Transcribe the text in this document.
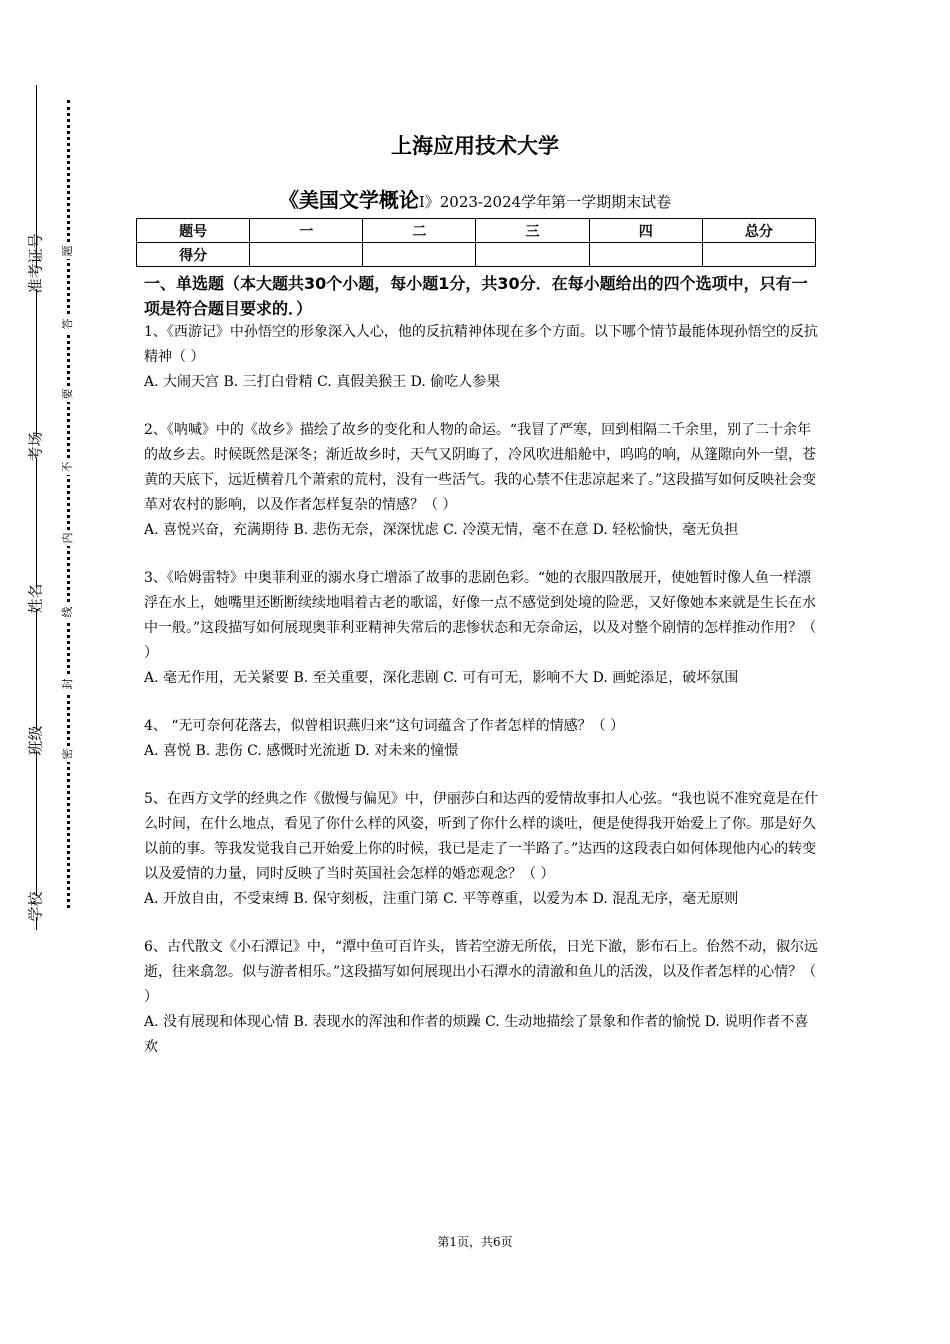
准考证号
考场
姓名
班级
学校
题
答
要
不
内
线
封
密
上海应用技术大学
《美国文学概论I》2023-2024学年第一学期期末试卷
题号	一	二	三	四	总分
得分					
一、单选题（本大题共30个小题，每小题1分，共30分．在每小题给出的四个选项中，只有一项是符合题目要求的．）

1、《西游记》中孙悟空的形象深入人心，他的反抗精神体现在多个方面。以下哪个情节最能体现孙悟空的反抗精神（ ）

A. 大闹天宫 B. 三打白骨精 C. 真假美猴王 D. 偷吃人参果

2、《呐喊》中的《故乡》描绘了故乡的变化和人物的命运。“我冒了严寒，回到相隔二千余里，别了二十余年的故乡去。时候既然是深冬；渐近故乡时，天气又阴晦了，冷风吹进船舱中，呜呜的响，从篷隙向外一望，苍黄的天底下，远近横着几个萧索的荒村，没有一些活气。我的心禁不住悲凉起来了。”这段描写如何反映社会变革对农村的影响，以及作者怎样复杂的情感？（ ）

A. 喜悦兴奋，充满期待 B. 悲伤无奈，深深忧虑 C. 冷漠无情，毫不在意 D. 轻松愉快，毫无负担

3、《哈姆雷特》中奥菲利亚的溺水身亡增添了故事的悲剧色彩。“她的衣服四散展开，使她暂时像人鱼一样漂浮在水上，她嘴里还断断续续地唱着古老的歌谣，好像一点不感觉到处境的险恶，又好像她本来就是生长在水中一般。”这段描写如何展现奥菲利亚精神失常后的悲惨状态和无奈命运，以及对整个剧情的怎样推动作用？（ ）

A. 毫无作用，无关紧要 B. 至关重要，深化悲剧 C. 可有可无，影响不大 D. 画蛇添足，破坏氛围

4、 “无可奈何花落去，似曾相识燕归来”这句词蕴含了作者怎样的情感？（ ）

A. 喜悦 B. 悲伤 C. 感慨时光流逝 D. 对未来的憧憬

5、在西方文学的经典之作《傲慢与偏见》中，伊丽莎白和达西的爱情故事扣人心弦。“我也说不准究竟是在什么时间，在什么地点，看见了你什么样的风姿，听到了你什么样的谈吐，便是使得我开始爱上了你。那是好久以前的事。等我发觉我自己开始爱上你的时候，我已是走了一半路了。”达西的这段表白如何体现他内心的转变以及爱情的力量，同时反映了当时英国社会怎样的婚恋观念？（ ）

A. 开放自由，不受束缚 B. 保守刻板，注重门第 C. 平等尊重，以爱为本 D. 混乱无序，毫无原则

6、古代散文《小石潭记》中，“潭中鱼可百许头，皆若空游无所依，日光下澈，影布石上。佁然不动，俶尔远逝，往来翕忽。似与游者相乐。”这段描写如何展现出小石潭水的清澈和鱼儿的活泼，以及作者怎样的心情？（ ）

A. 没有展现和体现心情 B. 表现水的浑浊和作者的烦躁 C. 生动地描绘了景象和作者的愉悦 D. 说明作者不喜欢

第1页，共6页
